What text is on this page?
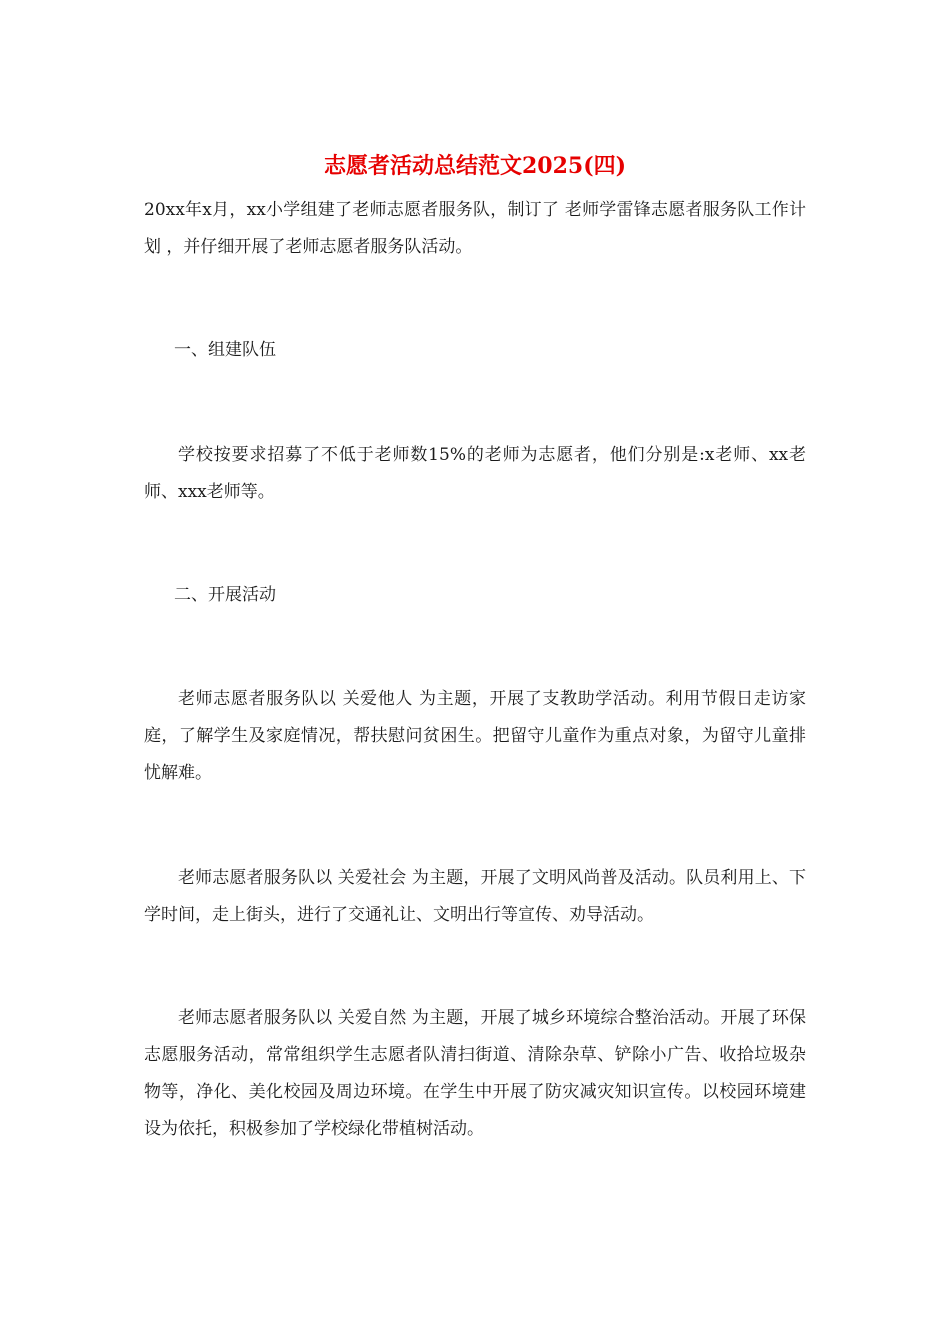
志愿者活动总结范文2025(四)

20xx年x月，xx小学组建了老师志愿者服务队，制订了 老师学雷锋志愿者服务队工作计划 ，并仔细开展了老师志愿者服务队活动。

一、组建队伍

学校按要求招募了不低于老师数15%的老师为志愿者，他们分别是:x老师、xx老师、xxx老师等。

二、开展活动

老师志愿者服务队以 关爱他人 为主题，开展了支教助学活动。利用节假日走访家庭，了解学生及家庭情况，帮扶慰问贫困生。把留守儿童作为重点对象，为留守儿童排忧解难。

老师志愿者服务队以 关爱社会 为主题，开展了文明风尚普及活动。队员利用上、下学时间，走上街头，进行了交通礼让、文明出行等宣传、劝导活动。

老师志愿者服务队以 关爱自然 为主题，开展了城乡环境综合整治活动。开展了环保志愿服务活动，常常组织学生志愿者队清扫街道、清除杂草、铲除小广告、收拾垃圾杂物等，净化、美化校园及周边环境。在学生中开展了防灾减灾知识宣传。以校园环境建设为依托，积极参加了学校绿化带植树活动。
